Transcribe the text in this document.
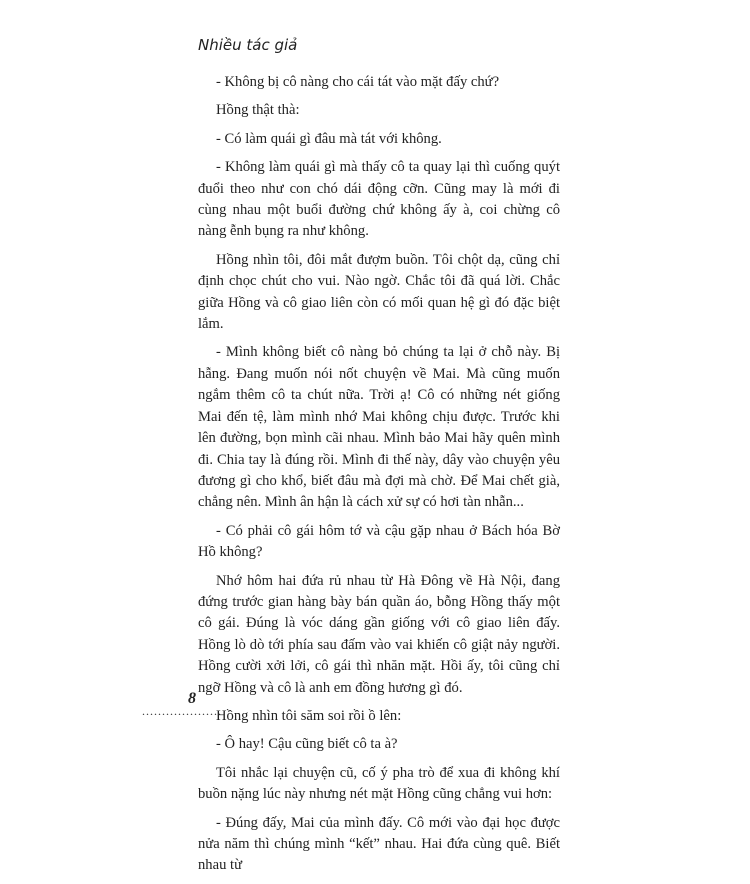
Nhiều tác giả

- Không bị cô nàng cho cái tát vào mặt đấy chứ?

Hồng thật thà:

- Có làm quái gì đâu mà tát với không.

- Không làm quái gì mà thấy cô ta quay lại thì cuống quýt đuổi theo như con chó dái động cỡn. Cũng may là mới đi cùng nhau một buổi đường chứ không ấy à, coi chừng cô nàng ễnh bụng ra như không.

Hồng nhìn tôi, đôi mắt đượm buồn. Tôi chột dạ, cũng chỉ định chọc chút cho vui. Nào ngờ. Chắc tôi đã quá lời. Chắc giữa Hồng và cô giao liên còn có mối quan hệ gì đó đặc biệt lắm.

- Mình không biết cô nàng bỏ chúng ta lại ở chỗ này. Bị hẫng. Đang muốn nói nốt chuyện về Mai. Mà cũng muốn ngắm thêm cô ta chút nữa. Trời ạ! Cô có những nét giống Mai đến tệ, làm mình nhớ Mai không chịu được. Trước khi lên đường, bọn mình cãi nhau. Mình bảo Mai hãy quên mình đi. Chia tay là đúng rồi. Mình đi thế này, dây vào chuyện yêu đương gì cho khổ, biết đâu mà đợi mà chờ. Để Mai chết già, chẳng nên. Mình ân hận là cách xử sự có hơi tàn nhẫn...

- Có phải cô gái hôm tớ và cậu gặp nhau ở Bách hóa Bờ Hồ không?

Nhớ hôm hai đứa rủ nhau từ Hà Đông về Hà Nội, đang đứng trước gian hàng bày bán quần áo, bỗng Hồng thấy một cô gái. Đúng là vóc dáng gần giống với cô giao liên đấy. Hồng lò dò tới phía sau đấm vào vai khiến cô giật nảy người. Hồng cười xởi lởi, cô gái thì nhăn mặt. Hồi ấy, tôi cũng chỉ ngỡ Hồng và cô là anh em đồng hương gì đó.

Hồng nhìn tôi săm soi rồi ồ lên:

- Ô hay! Cậu cũng biết cô ta à?

Tôi nhắc lại chuyện cũ, cố ý pha trò để xua đi không khí buồn nặng lúc này nhưng nét mặt Hồng cũng chẳng vui hơn:

- Đúng đấy, Mai của mình đấy. Cô mới vào đại học được nửa năm thì chúng mình “kết” nhau. Hai đứa cùng quê. Biết nhau từ

8
....................
